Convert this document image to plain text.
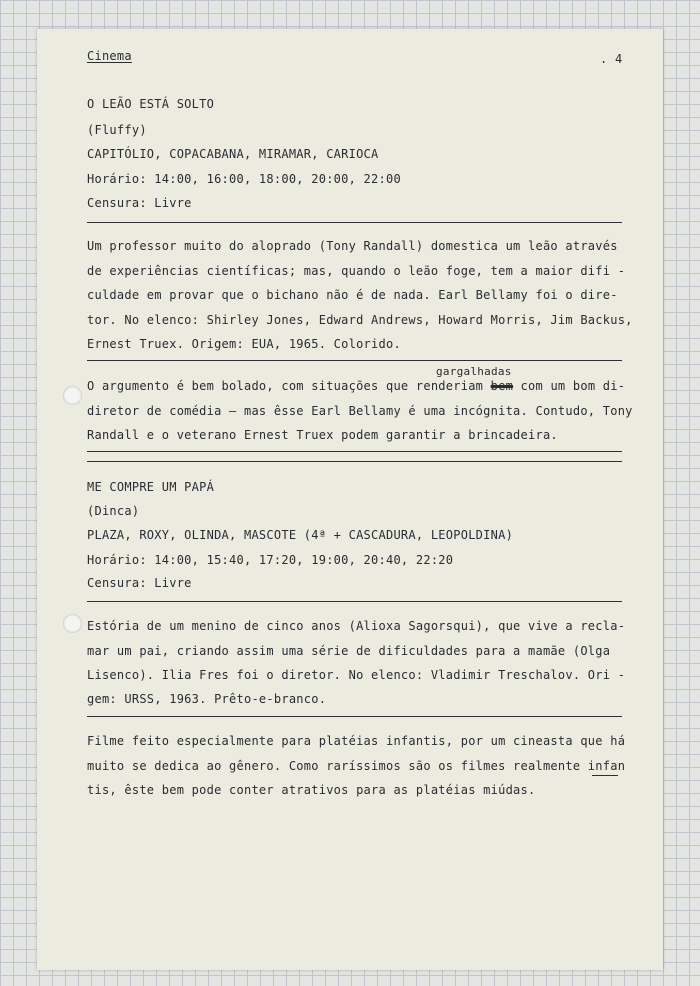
Cinema	. 4

O LEÃO ESTÁ SOLTO

(Fluffy)

CAPITÓLIO, COPACABANA, MIRAMAR, CARIOCA

Horário: 14:00, 16:00, 18:00, 20:00, 22:00

Censura: Livre

Um professor muito do aloprado (Tony Randall) domestica um leão através

de experiências científicas; mas, quando o leão foge, tem a maior difi -

culdade em provar que o bichano não é de nada. Earl Bellamy foi o dire-

tor. No elenco: Shirley Jones, Edward Andrews, Howard Morris, Jim Backus,

Ernest Truex. Origem: EUA, 1965. Colorido.

gargalhadas

O argumento é bem bolado, com situações que renderiam bem com um bom di-

diretor de comédia — mas êsse Earl Bellamy é uma incógnita. Contudo, Tony

Randall e o veterano Ernest Truex podem garantir a brincadeira.

ME COMPRE UM PAPÁ

(Dinca)

PLAZA, ROXY, OLINDA, MASCOTE (4ª + CASCADURA, LEOPOLDINA)

Horário: 14:00, 15:40, 17:20, 19:00, 20:40, 22:20

Censura: Livre

Estória de um menino de cinco anos (Alioxa Sagorsqui), que vive a recla-

mar um pai, criando assim uma série de dificuldades para a mamãe (Olga

Lisenco). Ilia Fres foi o diretor. No elenco: Vladimir Treschalov. Ori -

gem: URSS, 1963. Prêto-e-branco.

Filme feito especialmente para platéias infantis, por um cineasta que há

muito se dedica ao gênero. Como raríssimos são os filmes realmente infan

tis, êste bem pode conter atrativos para as platéias miúdas.
